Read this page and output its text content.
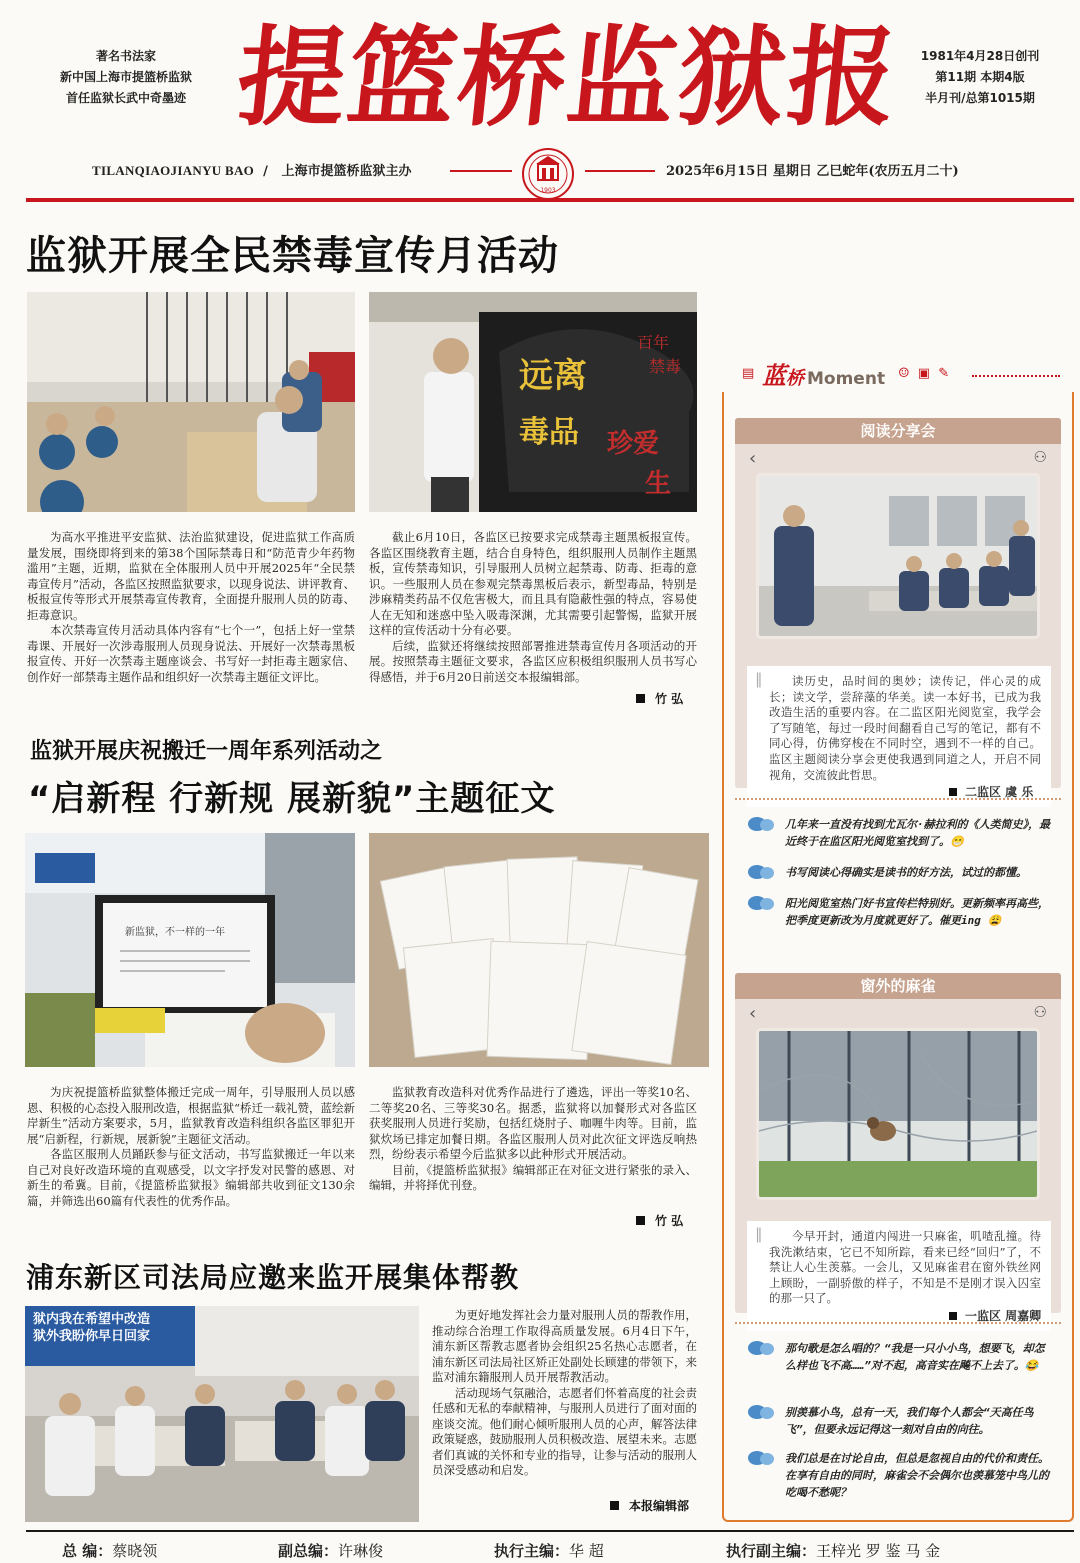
著名书法家
新中国上海市提篮桥监狱
首任监狱长武中奇墨迹 提篮桥监狱报	1981年4月28日创刊
第11期 本期4版
半月刊/总第1015期
TILANQIAOJIANYU BAO  /   上海市提篮桥监狱主办	2025年6月15日 星期日 乙巳蛇年(农历五月二十)
1903
监狱开展全民禁毒宣传月活动
远离
毒品 珍爱
生
百年
禁毒

为高水平推进平安监狱、法治监狱建设，促进监狱工作高质量发展，围绕即将到来的第38个国际禁毒日和“防范青少年药物滥用”主题，近期，监狱在全体服刑人员中开展2025年“全民禁毒宣传月”活动，各监区按照监狱要求，以现身说法、讲评教育、板报宣传等形式开展禁毒宣传教育，全面提升服刑人员的防毒、拒毒意识。

本次禁毒宣传月活动具体内容有“七个一”，包括上好一堂禁毒课、开展好一次涉毒服刑人员现身说法、开展好一次禁毒黑板报宣传、开好一次禁毒主题座谈会、书写好一封拒毒主题家信、创作好一部禁毒主题作品和组织好一次禁毒主题征文评比。

截止6月10日，各监区已按要求完成禁毒主题黑板报宣传。各监区围绕教育主题，结合自身特色，组织服刑人员制作主题黑板，宣传禁毒知识，引导服刑人员树立起禁毒、防毒、拒毒的意识。一些服刑人员在参观完禁毒黑板后表示，新型毒品，特别是涉麻精类药品不仅危害极大，而且具有隐蔽性强的特点，容易使人在无知和迷惑中坠入吸毒深渊，尤其需要引起警惕，监狱开展这样的宣传活动十分有必要。

后续，监狱还将继续按照部署推进禁毒宣传月各项活动的开展。按照禁毒主题征文要求，各监区应积极组织服刑人员书写心得感悟，并于6月20日前送交本报编辑部。

竹 弘
监狱开展庆祝搬迁一周年系列活动之
“启新程 行新规 展新貌”主题征文
新监狱，不一样的一年

为庆祝提篮桥监狱整体搬迁完成一周年，引导服刑人员以感恩、积极的心态投入服刑改造，根据监狱“桥迁一载礼赞，蓝绘新岸新生”活动方案要求，5月，监狱教育改造科组织各监区罪犯开展“启新程，行新规，展新貌”主题征文活动。

各监区服刑人员踊跃参与征文活动，书写监狱搬迁一年以来自己对良好改造环境的直观感受，以文字抒发对民警的感恩、对新生的希冀。目前，《提篮桥监狱报》编辑部共收到征文130余篇，并筛选出60篇有代表性的优秀作品。

监狱教育改造科对优秀作品进行了遴选，评出一等奖10名、二等奖20名、三等奖30名。据悉，监狱将以加餐形式对各监区获奖服刑人员进行奖励，包括红烧肘子、咖喱牛肉等。目前，监狱炊场已排定加餐日期。各监区服刑人员对此次征文评选反响热烈，纷纷表示希望今后监狱多以此种形式开展活动。

目前，《提篮桥监狱报》编辑部正在对征文进行紧张的录入、编辑，并将择优刊登。

竹 弘
浦东新区司法局应邀来监开展集体帮教
狱内我在希望中改造
狱外我盼你早日回家

为更好地发挥社会力量对服刑人员的帮教作用，推动综合治理工作取得高质量发展。6月4日下午，浦东新区帮教志愿者协会组织25名热心志愿者，在浦东新区司法局社区矫正处副处长顾建的带领下，来监对浦东籍服刑人员开展帮教活动。

活动现场气氛融洽，志愿者们怀着高度的社会责任感和无私的奉献精神，与服刑人员进行了面对面的座谈交流。他们耐心倾听服刑人员的心声，解答法律政策疑惑，鼓励服刑人员积极改造、展望未来。志愿者们真诚的关怀和专业的指导，让参与活动的服刑人员深受感动和启发。

本报编辑部
▤ 蓝桥 Moment ☺ ▣ ✎
阅读分享会
‹	⚇
‖	读历史，品时间的奥妙；读传记，伴心灵的成长；读文学，尝辞藻的华美。读一本好书，已成为我改造生活的重要内容。在二监区阳光阅览室，我学会了写随笔，每过一段时间翻看自己写的笔记，都有不同心得，仿佛穿梭在不同时空，遇到不一样的自己。监区主题阅读分享会更使我遇到同道之人，开启不同视角，交流彼此哲思。

二监区 虞 乐
几年来一直没有找到尤瓦尔·赫拉利的《人类简史》，最近终于在监区阳光阅览室找到了。😁
书写阅读心得确实是读书的好方法，试过的都懂。
阳光阅览室热门好书宣传栏特别好。更新频率再高些，把季度更新改为月度就更好了。催更ing 😩
窗外的麻雀
‹	⚇
‖	今早开封，通道内闯进一只麻雀，叽喳乱撞。待我洗漱结束，它已不知所踪，看来已经“回归”了，不禁让人心生羡慕。一会儿，又见麻雀君在窗外铁丝网上顾盼，一副骄傲的样子，不知是不是刚才误入囚室的那一只了。

一监区 周嘉卿
那句歌是怎么唱的？“我是一只小小鸟，想要飞，却怎么样也飞不高……”对不起，高音实在飚不上去了。😂
别羡慕小鸟，总有一天，我们每个人都会“天高任鸟飞”，但要永远记得这一刻对自由的向往。
我们总是在讨论自由，但总是忽视自由的代价和责任。在享有自由的同时，麻雀会不会偶尔也羡慕笼中鸟儿的吃喝不愁呢？
总 编：蔡晓领	副总编：许琳俊	执行主编：华 超	执行副主编：王梓光 罗 鉴 马 金
